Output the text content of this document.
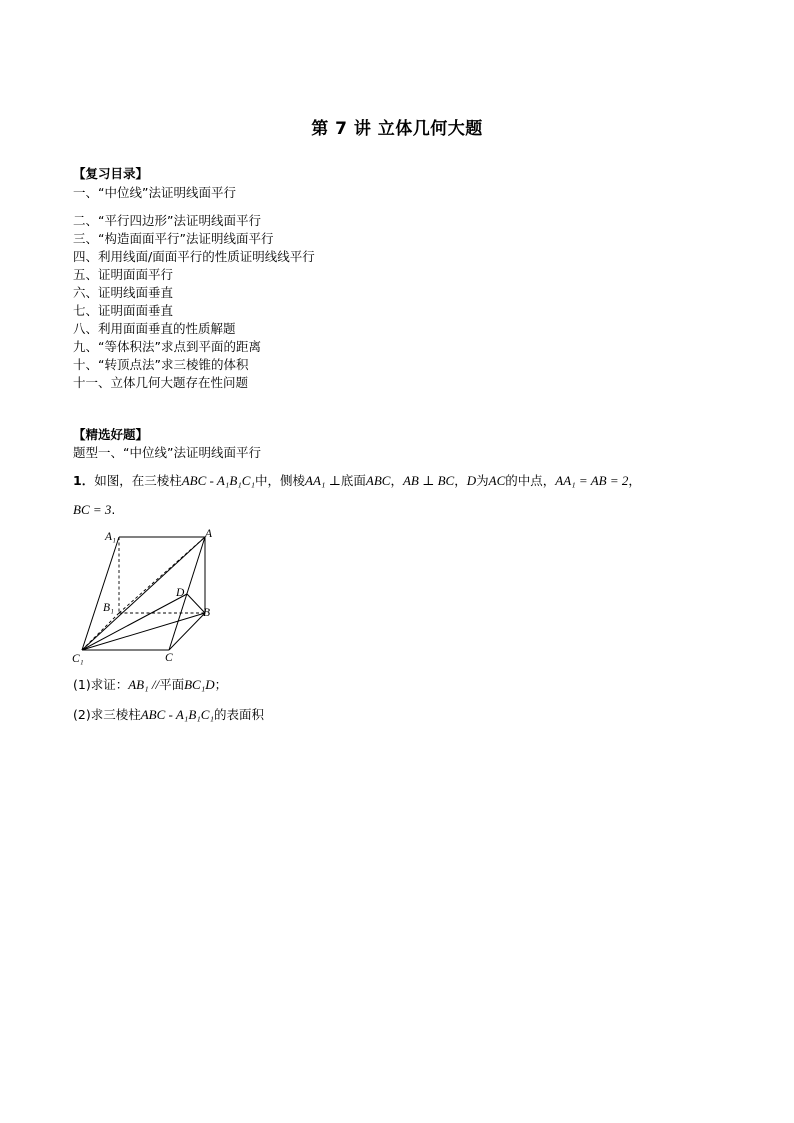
第 7 讲 立体几何大题
【复习目录】
一、“中位线”法证明线面平行
二、“平行四边形”法证明线面平行
三、“构造面面平行”法证明线面平行
四、利用线面/面面平行的性质证明线线平行
五、证明面面平行
六、证明线面垂直
七、证明面面垂直
八、利用面面垂直的性质解题
九、“等体积法”求点到平面的距离
十、“转顶点法”求三棱锥的体积
十一、立体几何大题存在性问题
【精选好题】
题型一、“中位线”法证明线面平行
1．如图，在三棱柱ABC - A₁B₁C₁中，侧棱AA₁ ⊥底面ABC，AB ⊥ BC，D为AC的中点，AA₁ = AB = 2，
BC = 3.
A₁	A
B₁
D
B
C₁	C
(1)求证：AB₁ //平面BC₁D；
(2)求三棱柱ABC - A₁B₁C₁的表面积
